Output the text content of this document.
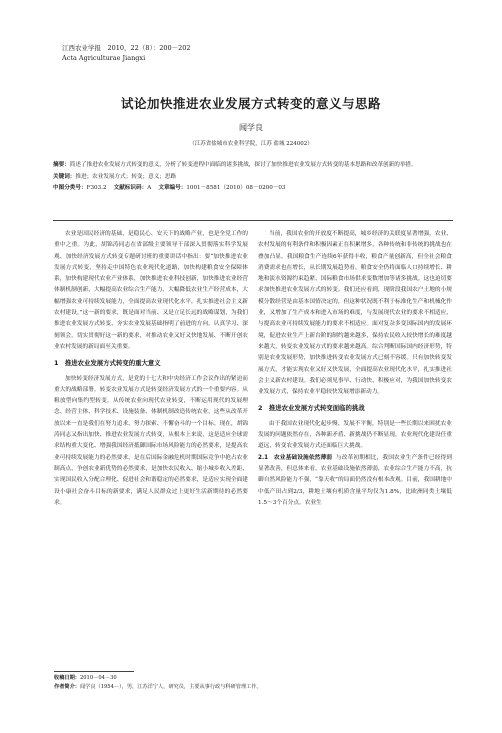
江西农业学报　2010，22（8）：200－202
Acta Agriculturae Jiangxi
试论加快推进农业发展方式转变的意义与思路
闻学良
（江苏省盐城市农业科学院，江苏 盐城 224002）
摘要：简述了推进农业发展方式转变的意义，分析了转变进程中面临的诸多挑战，探讨了加快推进农业发展方式转变的基本思路和改革创新的举措。
关键词：推进；农业发展方式；转变；意义；思路
中图分类号：F303.2 文献标识码：A 文章编号：1001－8581（2010）08－0200－03

农业是国民经济的基础，是稳民心、安天下的战略产业，也是全党工作的重中之重。为此，胡锦涛同志在省部级主要领导干部深入贯彻落实科学发展观、加快经济发展方式转变专题研讨班的重要讲话中指出：要“加快推进农业发展方式转变，坚持走中国特色农业现代化道路，加快构建粮食安全保障体系，加快构建现代农业产业体系，加快推进农业科技创新，加快推进农业经营体制机制创新，大幅提高农业综合生产能力，大幅降低农业生产经营成本，大幅增强农业可持续发展能力，全面提高农业现代化水平，扎实推进社会主义新农村建设。”这一新的要求，既是面对当前、又是立足长远的战略谋划，为我们推进农业发展方式转变、夯实农业发展基础指明了前进的方向。认真学习、深刻领会，切实贯彻好这一新的要求，对推动农业又好又快地发展、不断开创农业农村发展的新局面至关重要。

1　推进农业发展方式转变的重大意义

加快转变经济发展方式，是党的十七大和中央经济工作会议作出的紧迫而重大的战略部署。转变农业发展方式是转变经济发展方式的一个重要内容。从粗放型向集约型转变，从传统农业向现代农业转变，不断运用现代的发展理念、经营主体、科学技术、设施装备、体制机制改造传统农业，这些从改革开放以来一直是我们在努力追求、努力探索、不懈奋斗的一个目标。现在，胡锦涛同志又指出加快、推进农业发展方式转变，从根本上来说，这是适应全球需求结构重大变化、增强我国经济抵御国际市场风险能力的必然要求，是提高农业可持续发展能力的必然要求，是在后国际金融危机时期国际竞争中抢占农业制高点、争创农业新优势的必然要求，是加快农民收入、缩小城乡收入差距、实现国民收入分配合理化、促进社会和谐稳定的必然要求，是适应实现全面建设小康社会奋斗目标的新要求，满足人民群众过上更好生活新期待的必然要求。

当前，我国农业的开放度不断提高，城乡经济的关联度显著增强，农业、农村发展的有利条件和积极因素正在积累增多，各种传统和非传统的挑战也在叠加凸显。我国粮食生产连续6年获得丰收，粮食产量创新高，但全社会粮食消费需求也在增长，从长期发展趋势看，粮食安全仍将面临人口持续增长、耕地和淡水资源约束趋紧、国际粮食市场供求变数增加等诸多挑战。这也迫切要求加快推进农业发展方式的转变。我们还应看到，现阶段我国农户土地的小规模分散经营是由基本国情决定的，但这种状况既不利于标准化生产和机械化作业，又增加了生产成本和进入市场的难度，与发展现代农业的要求不相适应，与提高农业可持续发展能力的要求不相适应。面对复杂多变国际国内的发展环境，促进农业生产上新台阶的制约越来越多，保持农民收入较快增长的难度越来越大，转变农业发展方式的要求越来越高。综合判断国际国内经济形势，特别是农业发展形势，加快推进转变农业发展方式已刻不容缓。只有加快转变发展方式，才能实现农业又好又快发展，全面提高农业现代化水平，扎实推进社会主义新农村建设。我们必须见事早、行动快、积极应对，为我国加快转变农业发展方式，保持农业平稳较快发展增添新动力。

2　推进农业发展方式转变面临的挑战

由于我国农业现代化起步慢、发展不平衡，特别是一些长期以来困扰农业发展的问题依然存在，各种新矛盾、新挑战仍不断显现，农业现代化建设任重道远，转变农业发展方式还面临巨大挑战。

2.1　农业基础设施依然薄弱 与改革初期相比，我国农业生产条件已经得到显著改善，但总体来看，农业基础设施依然薄弱，农业综合生产能力不高，抗御自然风险能力不强，“靠天收”的局面仍然没有根本改观。目前，我国耕地中中低产田占到2/3，耕地土壤有机质含量平均仅为1.8%，比欧洲同类土壤低1.5～3个百分点。农业生

收稿日期：2010－04－30
作者简介：闻学良（1954－），男，江苏洋宁人，研究员，主要从事行政与科研管理工作。
